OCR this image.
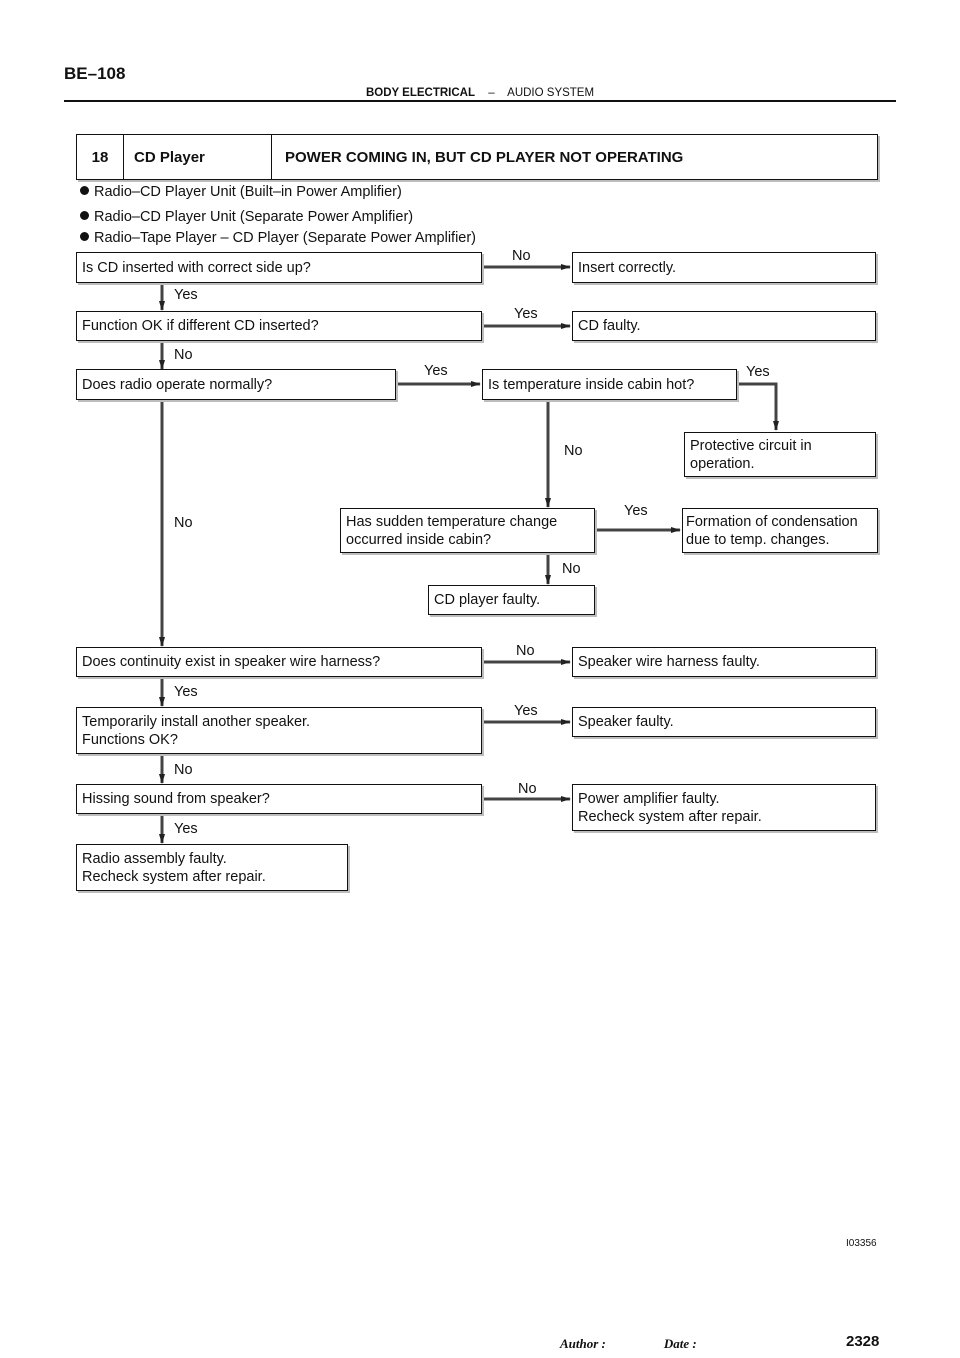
BE–108
BODY ELECTRICAL – AUDIO SYSTEM
18	CD Player	POWER COMING IN, BUT CD PLAYER NOT OPERATING
Radio–CD Player Unit (Built–in Power Amplifier)
Radio–CD Player Unit (Separate Power Amplifier)
Radio–Tape Player – CD Player (Separate Power Amplifier)
Is CD inserted with correct side up?	Insert correctly.
Function OK if different CD inserted?	CD faulty.
Does radio operate normally?	Is temperature inside cabin hot?
Protective circuit in
operation.
Has sudden temperature change
occurred inside cabin?
Formation of condensation
due to temp. changes.
CD player faulty.
Does continuity exist in speaker wire harness?	Speaker wire harness faulty.
Temporarily install another speaker.
Functions OK?
Speaker faulty.
Hissing sound from speaker?	Power amplifier faulty.
Recheck system after repair.
Radio assembly faulty.
Recheck system after repair.
No
Yes
Yes
No
Yes	Yes
No
No
Yes
No
No
Yes
Yes
No
No
Yes
I03356
Author :	Date :	2328
